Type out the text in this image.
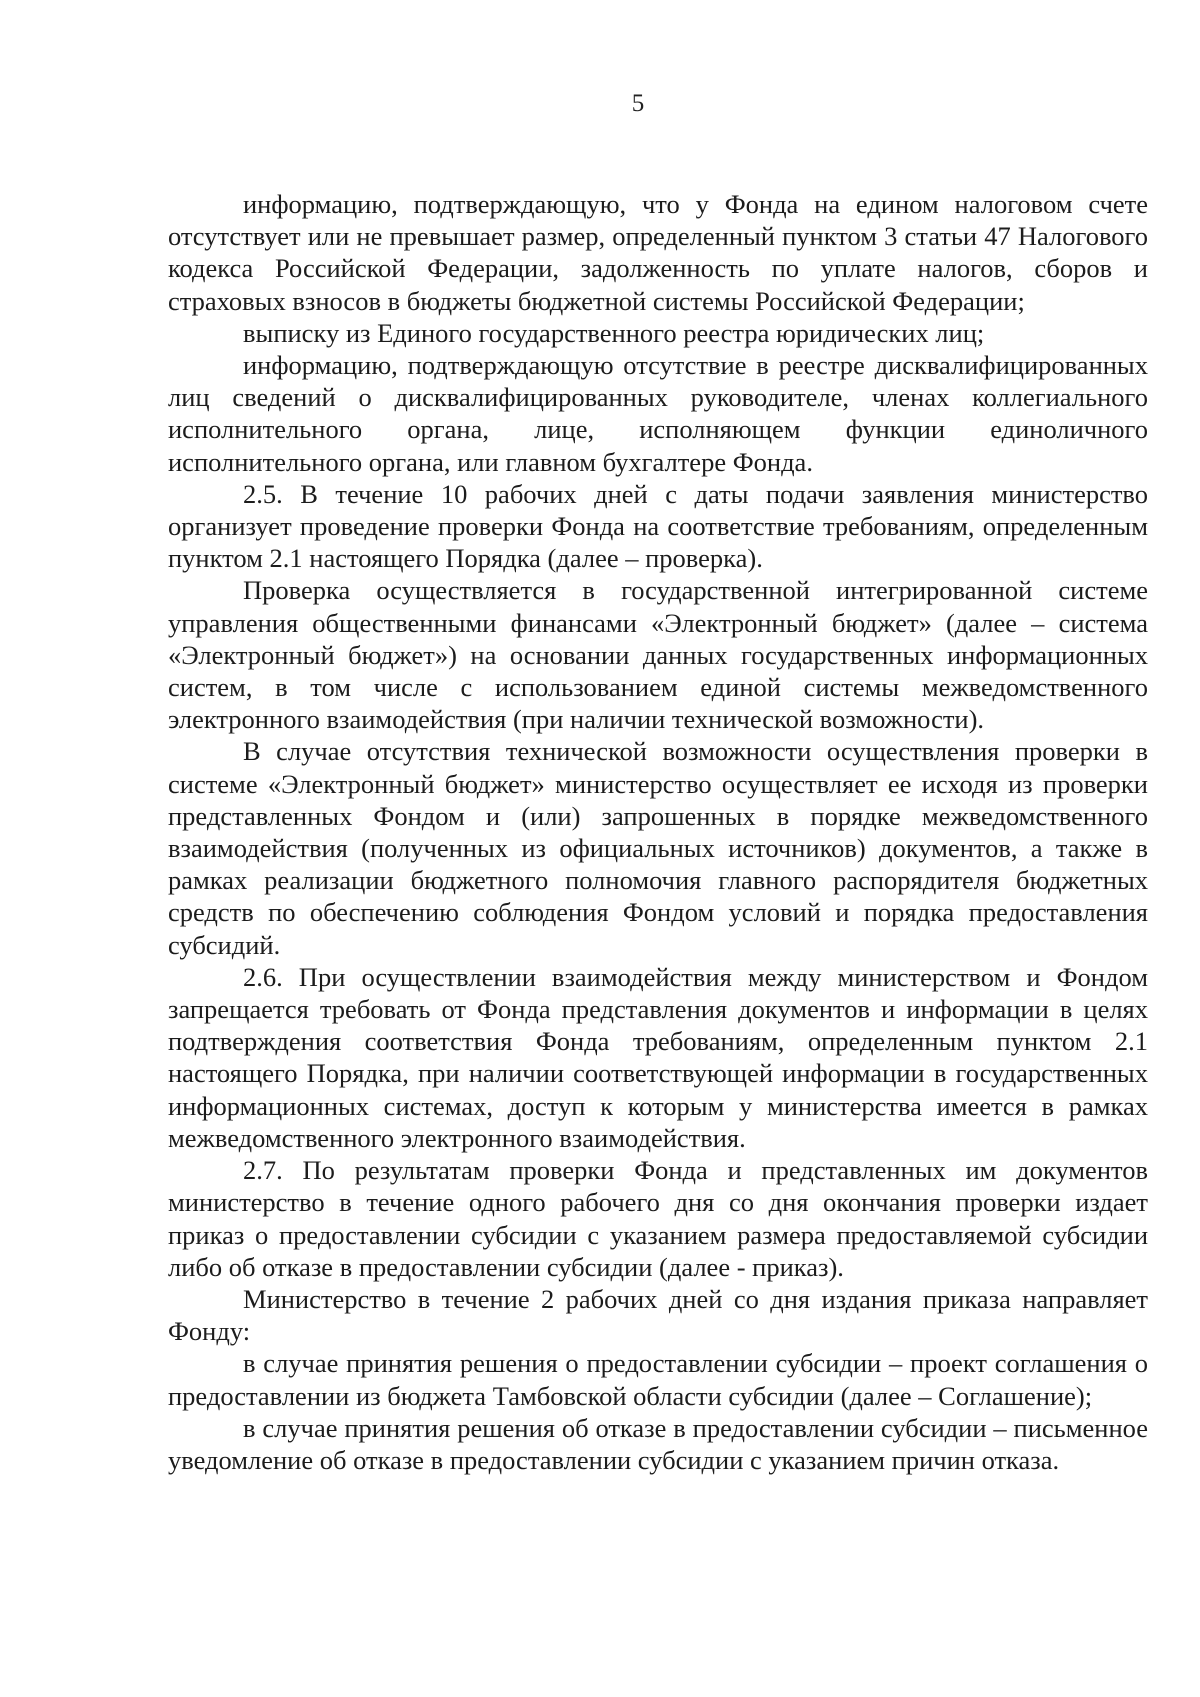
5

информацию, подтверждающую, что у Фонда на едином налоговом счете отсутствует или не превышает размер, определенный пунктом 3 статьи 47 Налогового кодекса Российской Федерации, задолженность по уплате налогов, сборов и страховых взносов в бюджеты бюджетной системы Российской Федерации;

выписку из Единого государственного реестра юридических лиц;

информацию, подтверждающую отсутствие в реестре дисквалифицированных лиц сведений о дисквалифицированных руководителе, членах коллегиального исполнительного органа, лице, исполняющем функции единоличного исполнительного органа, или главном бухгалтере Фонда.

2.5. В течение 10 рабочих дней с даты подачи заявления министерство организует проведение проверки Фонда на соответствие требованиям, определенным пунктом 2.1 настоящего Порядка (далее – проверка).

Проверка осуществляется в государственной интегрированной системе управления общественными финансами «Электронный бюджет» (далее – система «Электронный бюджет») на основании данных государственных информационных систем, в том числе с использованием единой системы межведомственного электронного взаимодействия (при наличии технической возможности).

В случае отсутствия технической возможности осуществления проверки в системе «Электронный бюджет» министерство осуществляет ее исходя из проверки представленных Фондом и (или) запрошенных в порядке межведомственного взаимодействия (полученных из официальных источников) документов, а также в рамках реализации бюджетного полномочия главного распорядителя бюджетных средств по обеспечению соблюдения Фондом условий и порядка предоставления субсидий.

2.6. При осуществлении взаимодействия между министерством и Фондом запрещается требовать от Фонда представления документов и информации в целях подтверждения соответствия Фонда требованиям, определенным пунктом 2.1 настоящего Порядка, при наличии соответствующей информации в государственных информационных системах, доступ к которым у министерства имеется в рамках межведомственного электронного взаимодействия.

2.7. По результатам проверки Фонда и представленных им документов министерство в течение одного рабочего дня со дня окончания проверки издает приказ о предоставлении субсидии с указанием размера предоставляемой субсидии либо об отказе в предоставлении субсидии (далее - приказ).

Министерство в течение 2 рабочих дней со дня издания приказа направляет Фонду:

в случае принятия решения о предоставлении субсидии – проект соглашения о предоставлении из бюджета Тамбовской области субсидии (далее – Соглашение);

в случае принятия решения об отказе в предоставлении субсидии – письменное уведомление об отказе в предоставлении субсидии с указанием причин отказа.
